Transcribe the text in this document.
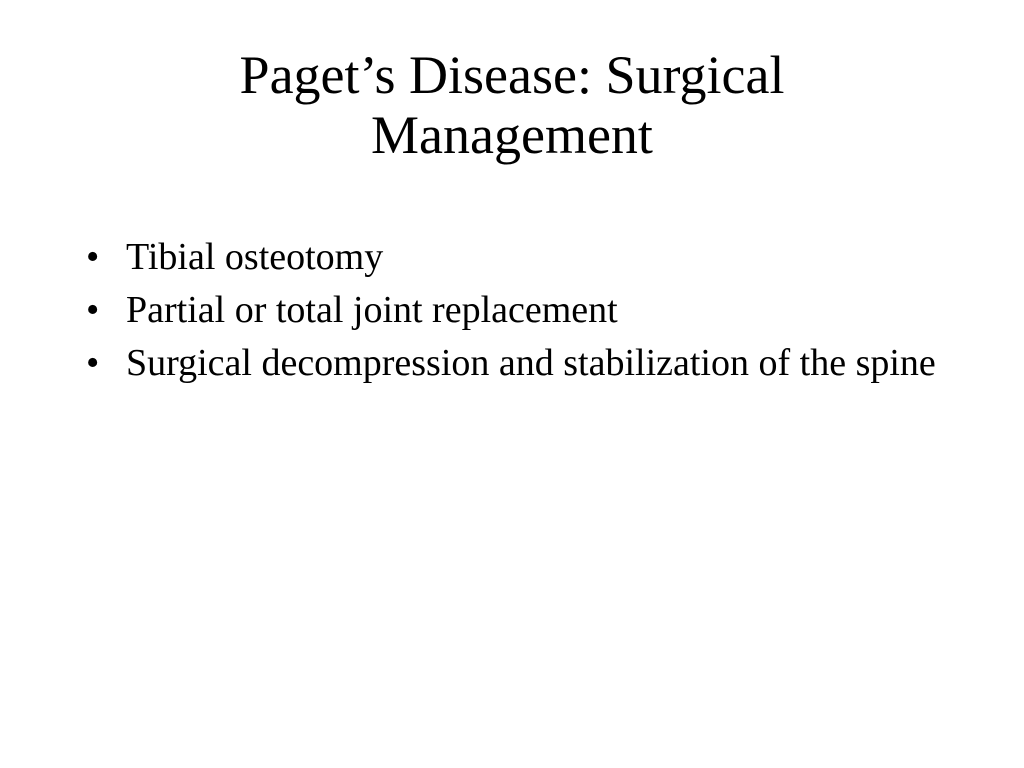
Paget’s Disease: Surgical Management
• Tibial osteotomy
• Partial or total joint replacement
• Surgical decompression and stabilization of the spine
